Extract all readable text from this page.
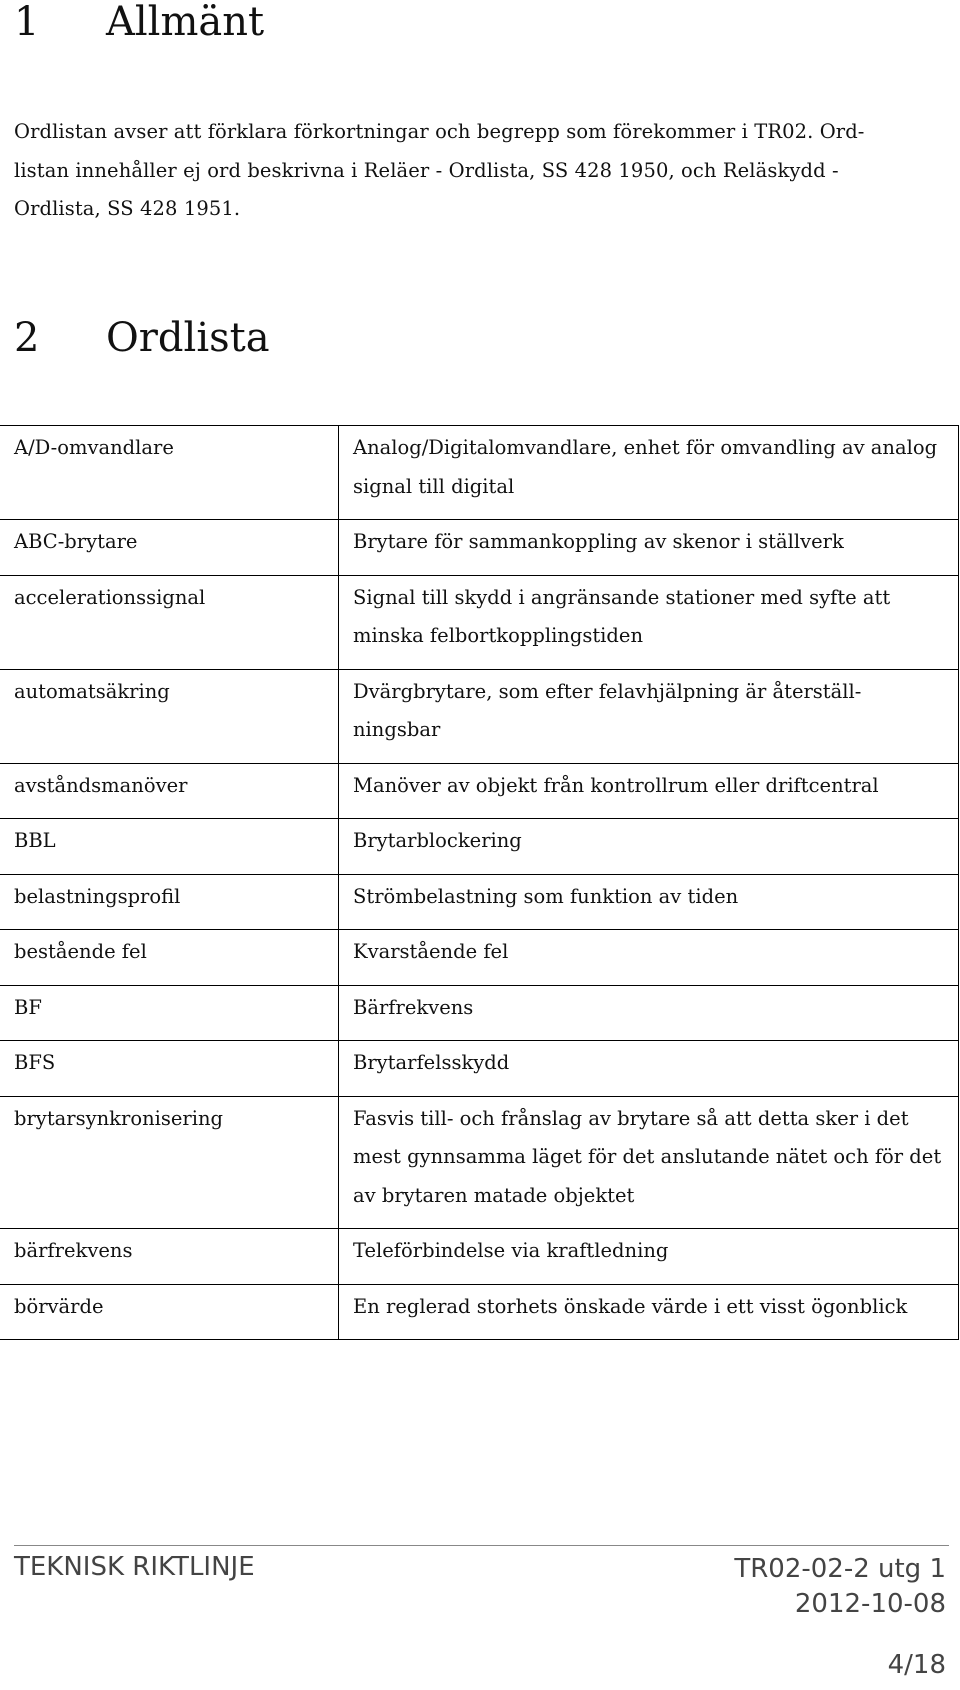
1 Allmänt
Ordlistan avser att förklara förkortningar och begrepp som förekommer i TR02. Ord-
listan innehåller ej ord beskrivna i Reläer - Ordlista, SS 428 1950, och Reläskydd -
Ordlista, SS 428 1951.
2 Ordlista
A/D-omvandlare	Analog/Digitalomvandlare, enhet för omvandling av analog signal till digital
ABC-brytare	Brytare för sammankoppling av skenor i ställverk
accelerationssignal	Signal till skydd i angränsande stationer med syfte att minska felbortkopplingstiden
automatsäkring	Dvärgbrytare, som efter felavhjälpning är återställ-ningsbar
avståndsmanöver	Manöver av objekt från kontrollrum eller driftcentral
BBL	Brytarblockering
belastningsprofil	Strömbelastning som funktion av tiden
bestående fel	Kvarstående fel
BF	Bärfrekvens
BFS	Brytarfelsskydd
brytarsynkronisering	Fasvis till- och frånslag av brytare så att detta sker i det mest gynnsamma läget för det anslutande nätet och för det av brytaren matade objektet
bärfrekvens	Teleförbindelse via kraftledning
börvärde	En reglerad storhets önskade värde i ett visst ögonblick
TEKNISK RIKTLINJE	TR02-02-2 utg 1
2012-10-08
4/18
